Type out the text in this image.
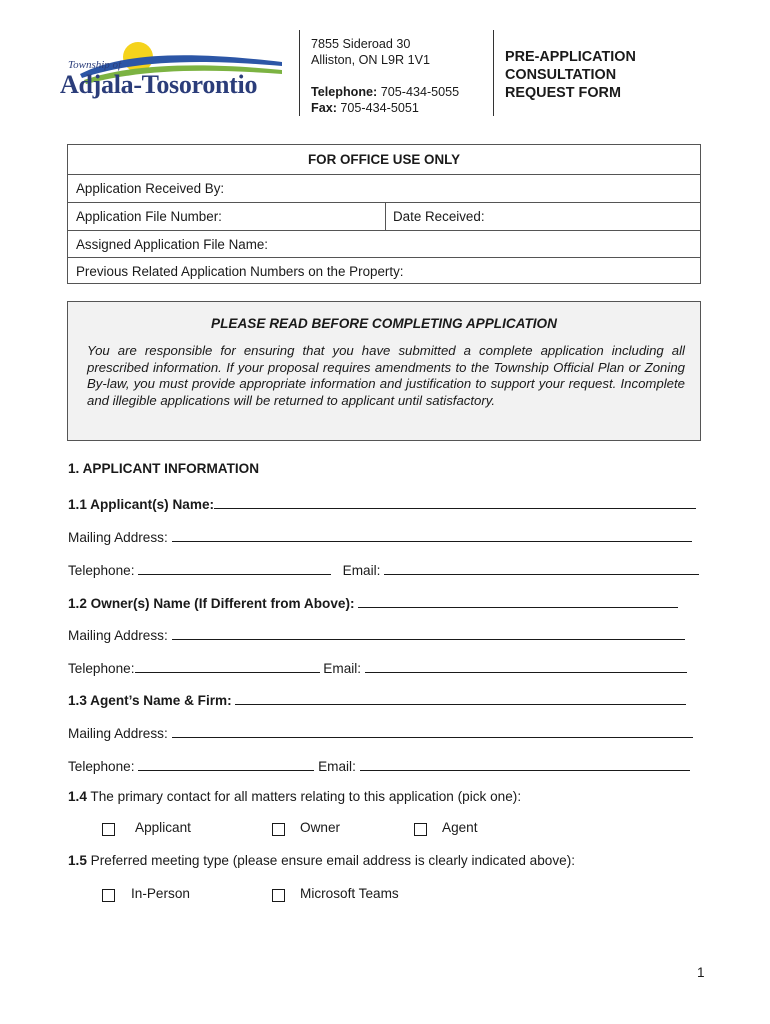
Township of
Adjala-Tosorontio
7855 Sideroad 30
Alliston, ON L9R 1V1
Telephone: 705-434-5055
Fax: 705-434-5051
PRE-APPLICATION
CONSULTATION
REQUEST FORM
FOR OFFICE USE ONLY
Application Received By:
Application File Number:	Date Received:
Assigned Application File Name:
Previous Related Application Numbers on the Property:
PLEASE READ BEFORE COMPLETING APPLICATION
You are responsible for ensuring that you have submitted a complete application including all prescribed information. If your proposal requires amendments to the Township Official Plan or Zoning By-law, you must provide appropriate information and justification to support your request. Incomplete and illegible applications will be returned to applicant until satisfactory.
1. APPLICANT INFORMATION
1.1 Applicant(s) Name:
Mailing Address:
Telephone:	Email:
1.2 Owner(s) Name (If Different from Above):
Mailing Address:
Telephone:	Email:
1.3 Agent’s Name & Firm:
Mailing Address:
Telephone:	Email:
1.4 The primary contact for all matters relating to this application (pick one):
Applicant	Owner	Agent
1.5 Preferred meeting type (please ensure email address is clearly indicated above):
In-Person	Microsoft Teams
1
